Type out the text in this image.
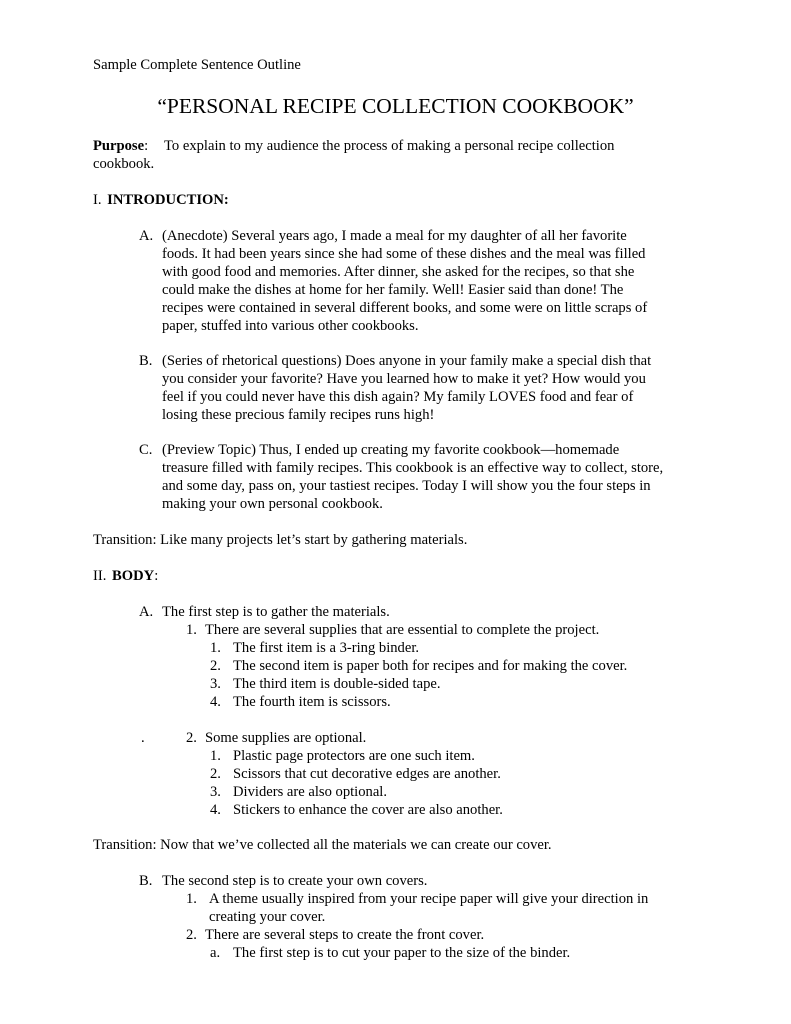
Sample Complete Sentence Outline
“PERSONAL RECIPE COLLECTION COOKBOOK”
Purpose: To explain to my audience the process of making a personal recipe collection
cookbook.
I. INTRODUCTION:
A. (Anecdote) Several years ago, I made a meal for my daughter of all her favorite
foods. It had been years since she had some of these dishes and the meal was filled
with good food and memories. After dinner, she asked for the recipes, so that she
could make the dishes at home for her family. Well! Easier said than done! The
recipes were contained in several different books, and some were on little scraps of
paper, stuffed into various other cookbooks.
B. (Series of rhetorical questions) Does anyone in your family make a special dish that
you consider your favorite? Have you learned how to make it yet? How would you
feel if you could never have this dish again? My family LOVES food and fear of
losing these precious family recipes runs high!
C. (Preview Topic) Thus, I ended up creating my favorite cookbook—homemade
treasure filled with family recipes. This cookbook is an effective way to collect, store,
and some day, pass on, your tastiest recipes. Today I will show you the four steps in
making your own personal cookbook.
Transition: Like many projects let’s start by gathering materials.
II. BODY:
A. The first step is to gather the materials.
1. There are several supplies that are essential to complete the project.
1. The first item is a 3-ring binder.
2. The second item is paper both for recipes and for making the cover.
3. The third item is double-sided tape.
4. The fourth item is scissors.
.	2. Some supplies are optional.
1. Plastic page protectors are one such item.
2. Scissors that cut decorative edges are another.
3. Dividers are also optional.
4. Stickers to enhance the cover are also another.
Transition: Now that we’ve collected all the materials we can create our cover.
B. The second step is to create your own covers.
1. A theme usually inspired from your recipe paper will give your direction in
creating your cover.
2. There are several steps to create the front cover.
a. The first step is to cut your paper to the size of the binder.
